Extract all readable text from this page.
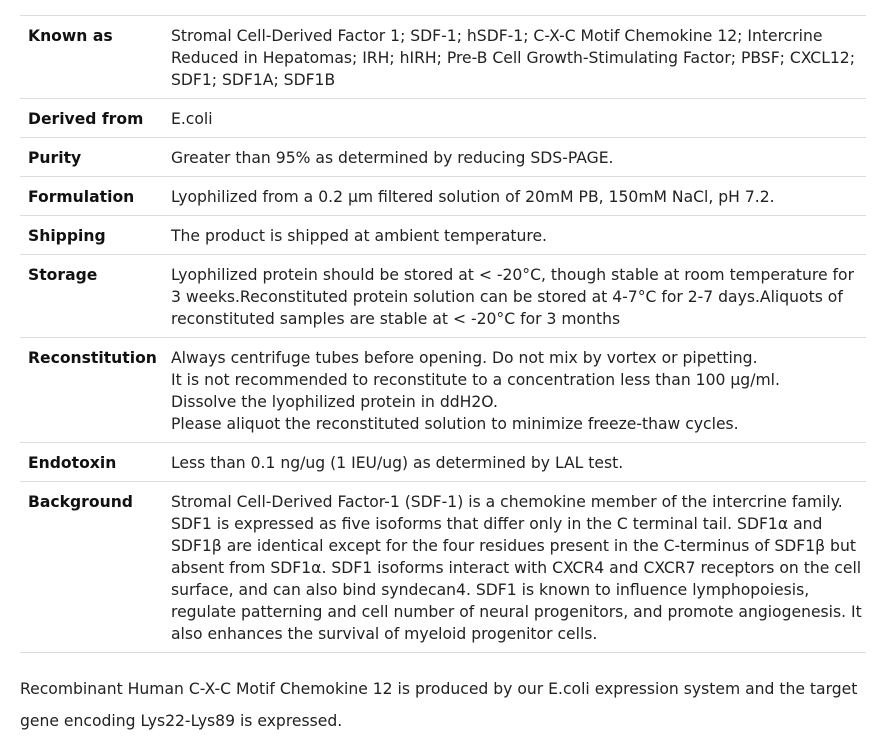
Known as	Stromal Cell-Derived Factor 1; SDF-1; hSDF-1; C-X-C Motif Chemokine 12; Intercrine Reduced in Hepatomas; IRH; hIRH; Pre-B Cell Growth-Stimulating Factor; PBSF; CXCL12; SDF1; SDF1A; SDF1B

Derived from	E.coli

Purity	Greater than 95% as determined by reducing SDS-PAGE.

Formulation	Lyophilized from a 0.2 μm filtered solution of 20mM PB, 150mM NaCl, pH 7.2.

Shipping	The product is shipped at ambient temperature.

Storage	Lyophilized protein should be stored at < -20°C, though stable at room temperature for 3 weeks.Reconstituted protein solution can be stored at 4-7°C for 2-7 days.Aliquots of reconstituted samples are stable at < -20°C for 3 months

Reconstitution	Always centrifuge tubes before opening. Do not mix by vortex or pipetting.
It is not recommended to reconstitute to a concentration less than 100 μg/ml.
Dissolve the lyophilized protein in ddH2O.
Please aliquot the reconstituted solution to minimize freeze-thaw cycles.

Endotoxin	Less than 0.1 ng/ug (1 IEU/ug) as determined by LAL test.

Background	Stromal Cell-Derived Factor-1 (SDF-1) is a chemokine member of the intercrine family. SDF1 is expressed as five isoforms that differ only in the C terminal tail. SDF1α and SDF1β are identical except for the four residues present in the C-terminus of SDF1β but absent from SDF1α. SDF1 isoforms interact with CXCR4 and CXCR7 receptors on the cell surface, and can also bind syndecan4. SDF1 is known to influence lymphopoiesis, regulate patterning and cell number of neural progenitors, and promote angiogenesis. It also enhances the survival of myeloid progenitor cells.

Recombinant Human C-X-C Motif Chemokine 12 is produced by our E.coli expression system and the target gene encoding Lys22-Lys89 is expressed.
